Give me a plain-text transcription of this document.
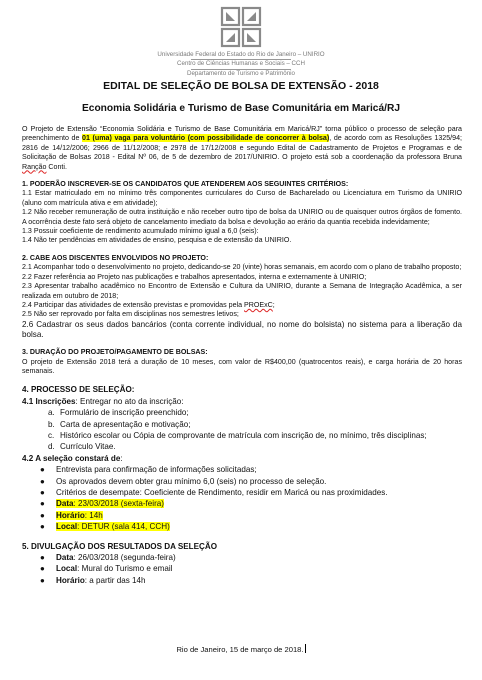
Universidade Federal do Estado do Rio de Janeiro – UNIRIO
Centro de Ciências Humanas e Sociais – CCH
Departamento de Turismo e Patrimônio
EDITAL DE SELEÇÃO DE BOLSA DE EXTENSÃO - 2018
Economia Solidária e Turismo de Base Comunitária em Maricá/RJ

O Projeto de Extensão “Economia Solidária e Turismo de Base Comunitária em Maricá/RJ” torna público o processo de seleção para preenchimento de 01 (uma) vaga para voluntário (com possibilidade de concorrer à bolsa), de acordo com as Resoluções 1325/94; 2816 de 14/12/2006; 2966 de 11/12/2008; e 2978 de 17/12/2008 e segundo Edital de Cadastramento de Projetos e Programas e de Solicitação de Bolsas 2018 - Edital Nº 06, de 5 de dezembro de 2017/UNIRIO. O projeto está sob a coordenação da professora Bruna Ranção Conti.

1. PODERÃO INSCREVER-SE OS CANDIDATOS QUE ATENDEREM AOS SEGUINTES CRITÉRIOS:

1.1 Estar matriculado em no mínimo três componentes curriculares do Curso de Bacharelado ou Licenciatura em Turismo da UNIRIO (aluno com matrícula ativa e em atividade);

1.2 Não receber remuneração de outra instituição e não receber outro tipo de bolsa da UNIRIO ou de quaisquer outros órgãos de fomento. A ocorrência deste fato será objeto de cancelamento imediato da bolsa e devolução ao erário da quantia recebida indevidamente;

1.3 Possuir coeficiente de rendimento acumulado mínimo igual a 6,0 (seis):

1.4 Não ter pendências em atividades de ensino, pesquisa e de extensão da UNIRIO.

2. CABE AOS DISCENTES ENVOLVIDOS NO PROJETO:

2.1 Acompanhar todo o desenvolvimento no projeto, dedicando-se 20 (vinte) horas semanais, em acordo com o plano de trabalho proposto;

2.2 Fazer referência ao Projeto nas publicações e trabalhos apresentados, interna e externamente à UNIRIO;

2.3 Apresentar trabalho acadêmico no Encontro de Extensão e Cultura da UNIRIO, durante a Semana de Integração Acadêmica, a ser realizada em outubro de 2018;

2.4 Participar das atividades de extensão previstas e promovidas pela PROExC;

2.5 Não ser reprovado por falta em disciplinas nos semestres letivos;

2.6 Cadastrar os seus dados bancários (conta corrente individual, no nome do bolsista) no sistema para a liberação da bolsa.

3. DURAÇÃO DO PROJETO/PAGAMENTO DE BOLSAS:

O projeto de Extensão 2018 terá a duração de 10 meses, com valor de R$400,00 (quatrocentos reais), e carga horária de 20 horas semanais.

4. PROCESSO DE SELEÇÃO:
4.1 Inscrições: Entregar no ato da inscrição:
a. Formulário de inscrição preenchido;
b. Carta de apresentação e motivação;
c. Histórico escolar ou Cópia de comprovante de matrícula com inscrição de, no mínimo, três disciplinas;
d. Currículo Vitae.
4.2 A seleção constará de:
● Entrevista para confirmação de informações solicitadas;
● Os aprovados devem obter grau mínimo 6,0 (seis) no processo de seleção.
● Critérios de desempate: Coeficiente de Rendimento, residir em Maricá ou nas proximidades.
● Data: 23/03/2018 (sexta-feira)
● Horário: 14h
● Local: DETUR (sala 414, CCH)
5. DIVULGAÇÃO DOS RESULTADOS DA SELEÇÃO
● Data: 26/03/2018 (segunda-feira)
● Local: Mural do Turismo e email
● Horário: a partir das 14h
Rio de Janeiro, 15 de março de 2018.
